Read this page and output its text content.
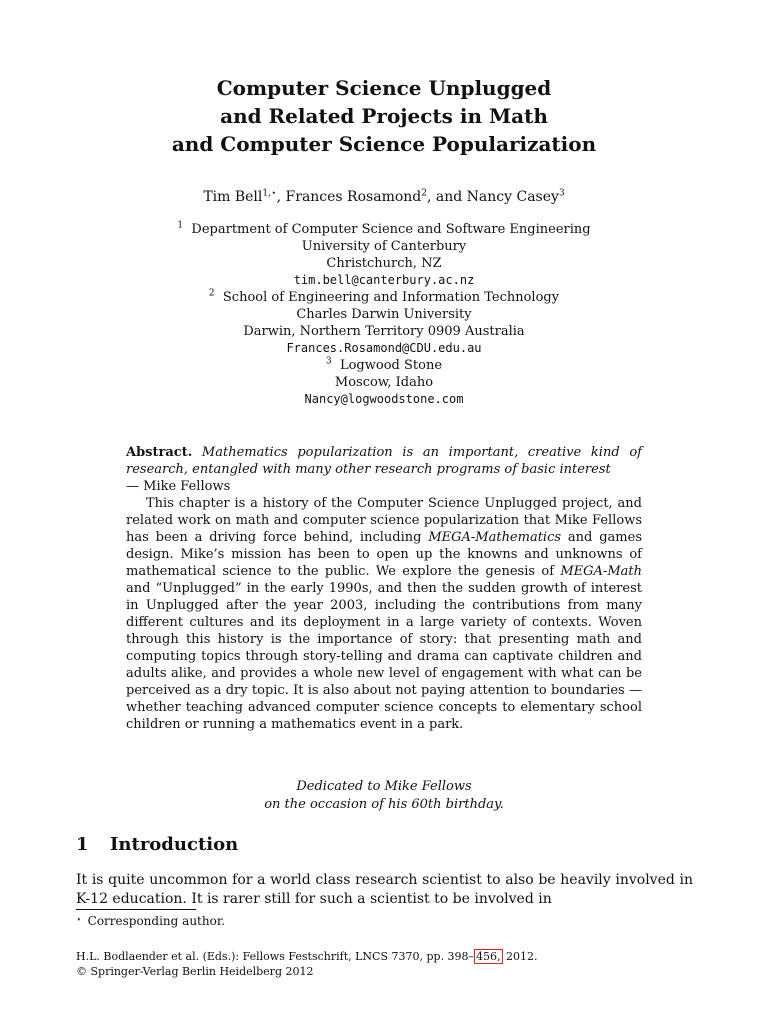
Computer Science Unplugged
and Related Projects in Math
and Computer Science Popularization
Tim Bell$^{1,⋆}$, Frances Rosamond$^2$, and Nancy Casey$^3$
$^1$ Department of Computer Science and Software Engineering
University of Canterbury
Christchurch, NZ
tim.bell@canterbury.ac.nz
$^2$ School of Engineering and Information Technology
Charles Darwin University
Darwin, Northern Territory 0909 Australia
Frances.Rosamond@CDU.edu.au
$^3$ Logwood Stone
Moscow, Idaho
Nancy@logwoodstone.com

Abstract. Mathematics popularization is an important, creative kind of research, entangled with many other research programs of basic interest
— Mike Fellows

This chapter is a history of the Computer Science Unplugged project, and related work on math and computer science popularization that Mike Fellows has been a driving force behind, including MEGA-Mathematics and games design. Mike’s mission has been to open up the knowns and unknowns of mathematical science to the public. We explore the genesis of MEGA-Math and “Unplugged” in the early 1990s, and then the sudden growth of interest in Unplugged after the year 2003, including the contributions from many different cultures and its deployment in a large variety of contexts. Woven through this history is the importance of story: that presenting math and computing topics through story-telling and drama can captivate children and adults alike, and provides a whole new level of engagement with what can be perceived as a dry topic. It is also about not paying attention to boundaries — whether teaching advanced computer science concepts to elementary school children or running a mathematics event in a park.

Dedicated to Mike Fellows
on the occasion of his 60th birthday.
1 Introduction

It is quite uncommon for a world class research scientist to also be heavily involved in K-12 education. It is rarer still for such a scientist to be involved in

⋆ Corresponding author.
H.L. Bodlaender et al. (Eds.): Fellows Festschrift, LNCS 7370, pp. 398– 456, 2012.
© Springer-Verlag Berlin Heidelberg 2012
